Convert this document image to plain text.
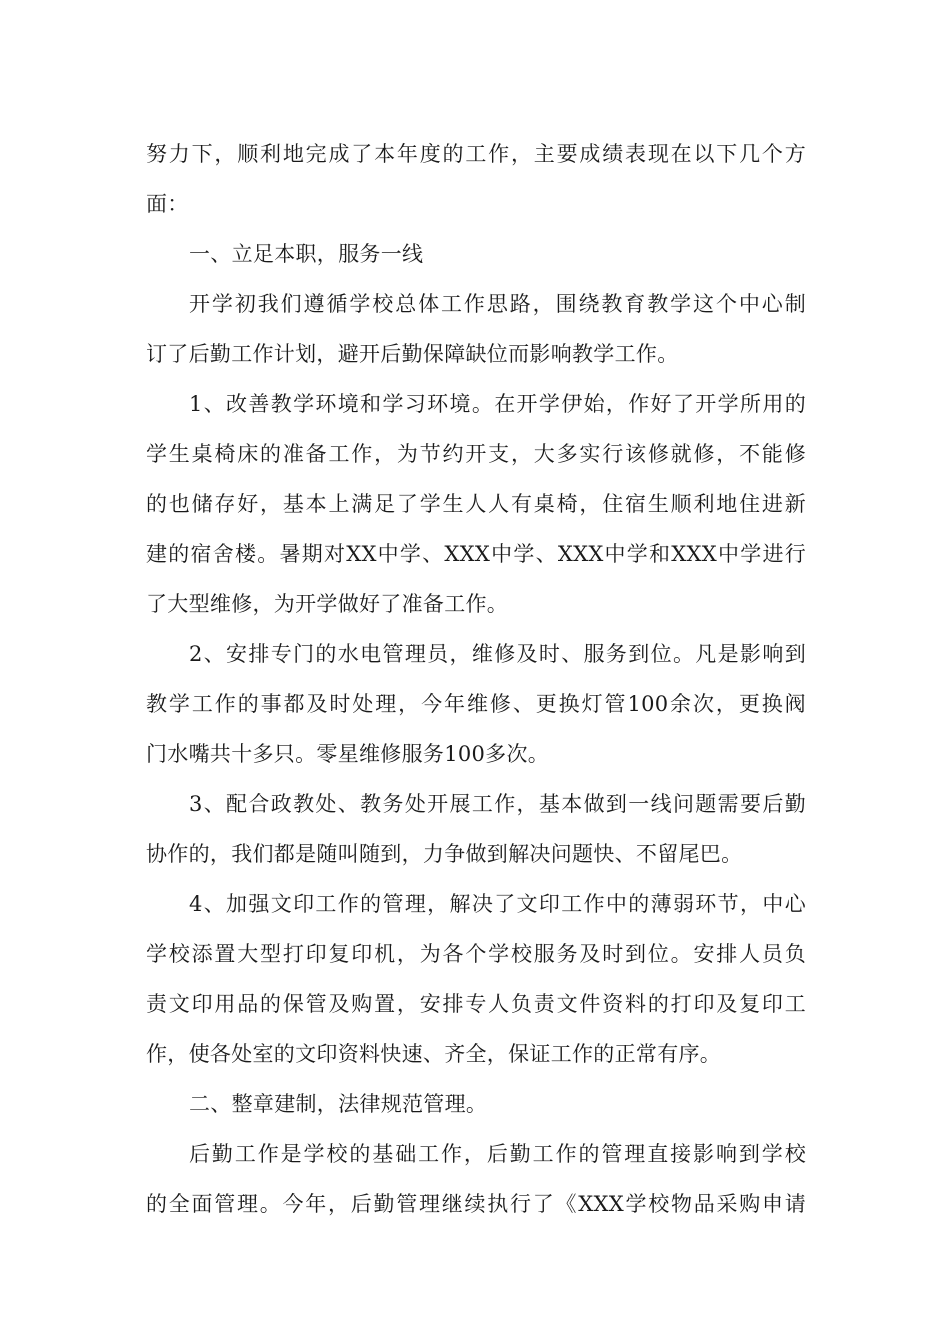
努力下，顺利地完成了本年度的工作，主要成绩表现在以下几个方
面：
一、立足本职，服务一线
开学初我们遵循学校总体工作思路，围绕教育教学这个中心制
订了后勤工作计划，避开后勤保障缺位而影响教学工作。
1、改善教学环境和学习环境。在开学伊始，作好了开学所用的
学生桌椅床的准备工作，为节约开支，大多实行该修就修，不能修
的也储存好，基本上满足了学生人人有桌椅，住宿生顺利地住进新
建的宿舍楼。暑期对XX中学、XXX中学、XXX中学和XXX中学进行
了大型维修，为开学做好了准备工作。
2、安排专门的水电管理员，维修及时、服务到位。凡是影响到
教学工作的事都及时处理，今年维修、更换灯管100余次，更换阀
门水嘴共十多只。零星维修服务100多次。
3、配合政教处、教务处开展工作，基本做到一线问题需要后勤
协作的，我们都是随叫随到，力争做到解决问题快、不留尾巴。
4、加强文印工作的管理，解决了文印工作中的薄弱环节，中心
学校添置大型打印复印机，为各个学校服务及时到位。安排人员负
责文印用品的保管及购置，安排专人负责文件资料的打印及复印工
作，使各处室的文印资料快速、齐全，保证工作的正常有序。
二、整章建制，法律规范管理。
后勤工作是学校的基础工作，后勤工作的管理直接影响到学校
的全面管理。今年，后勤管理继续执行了《XXX学校物品采购申请
